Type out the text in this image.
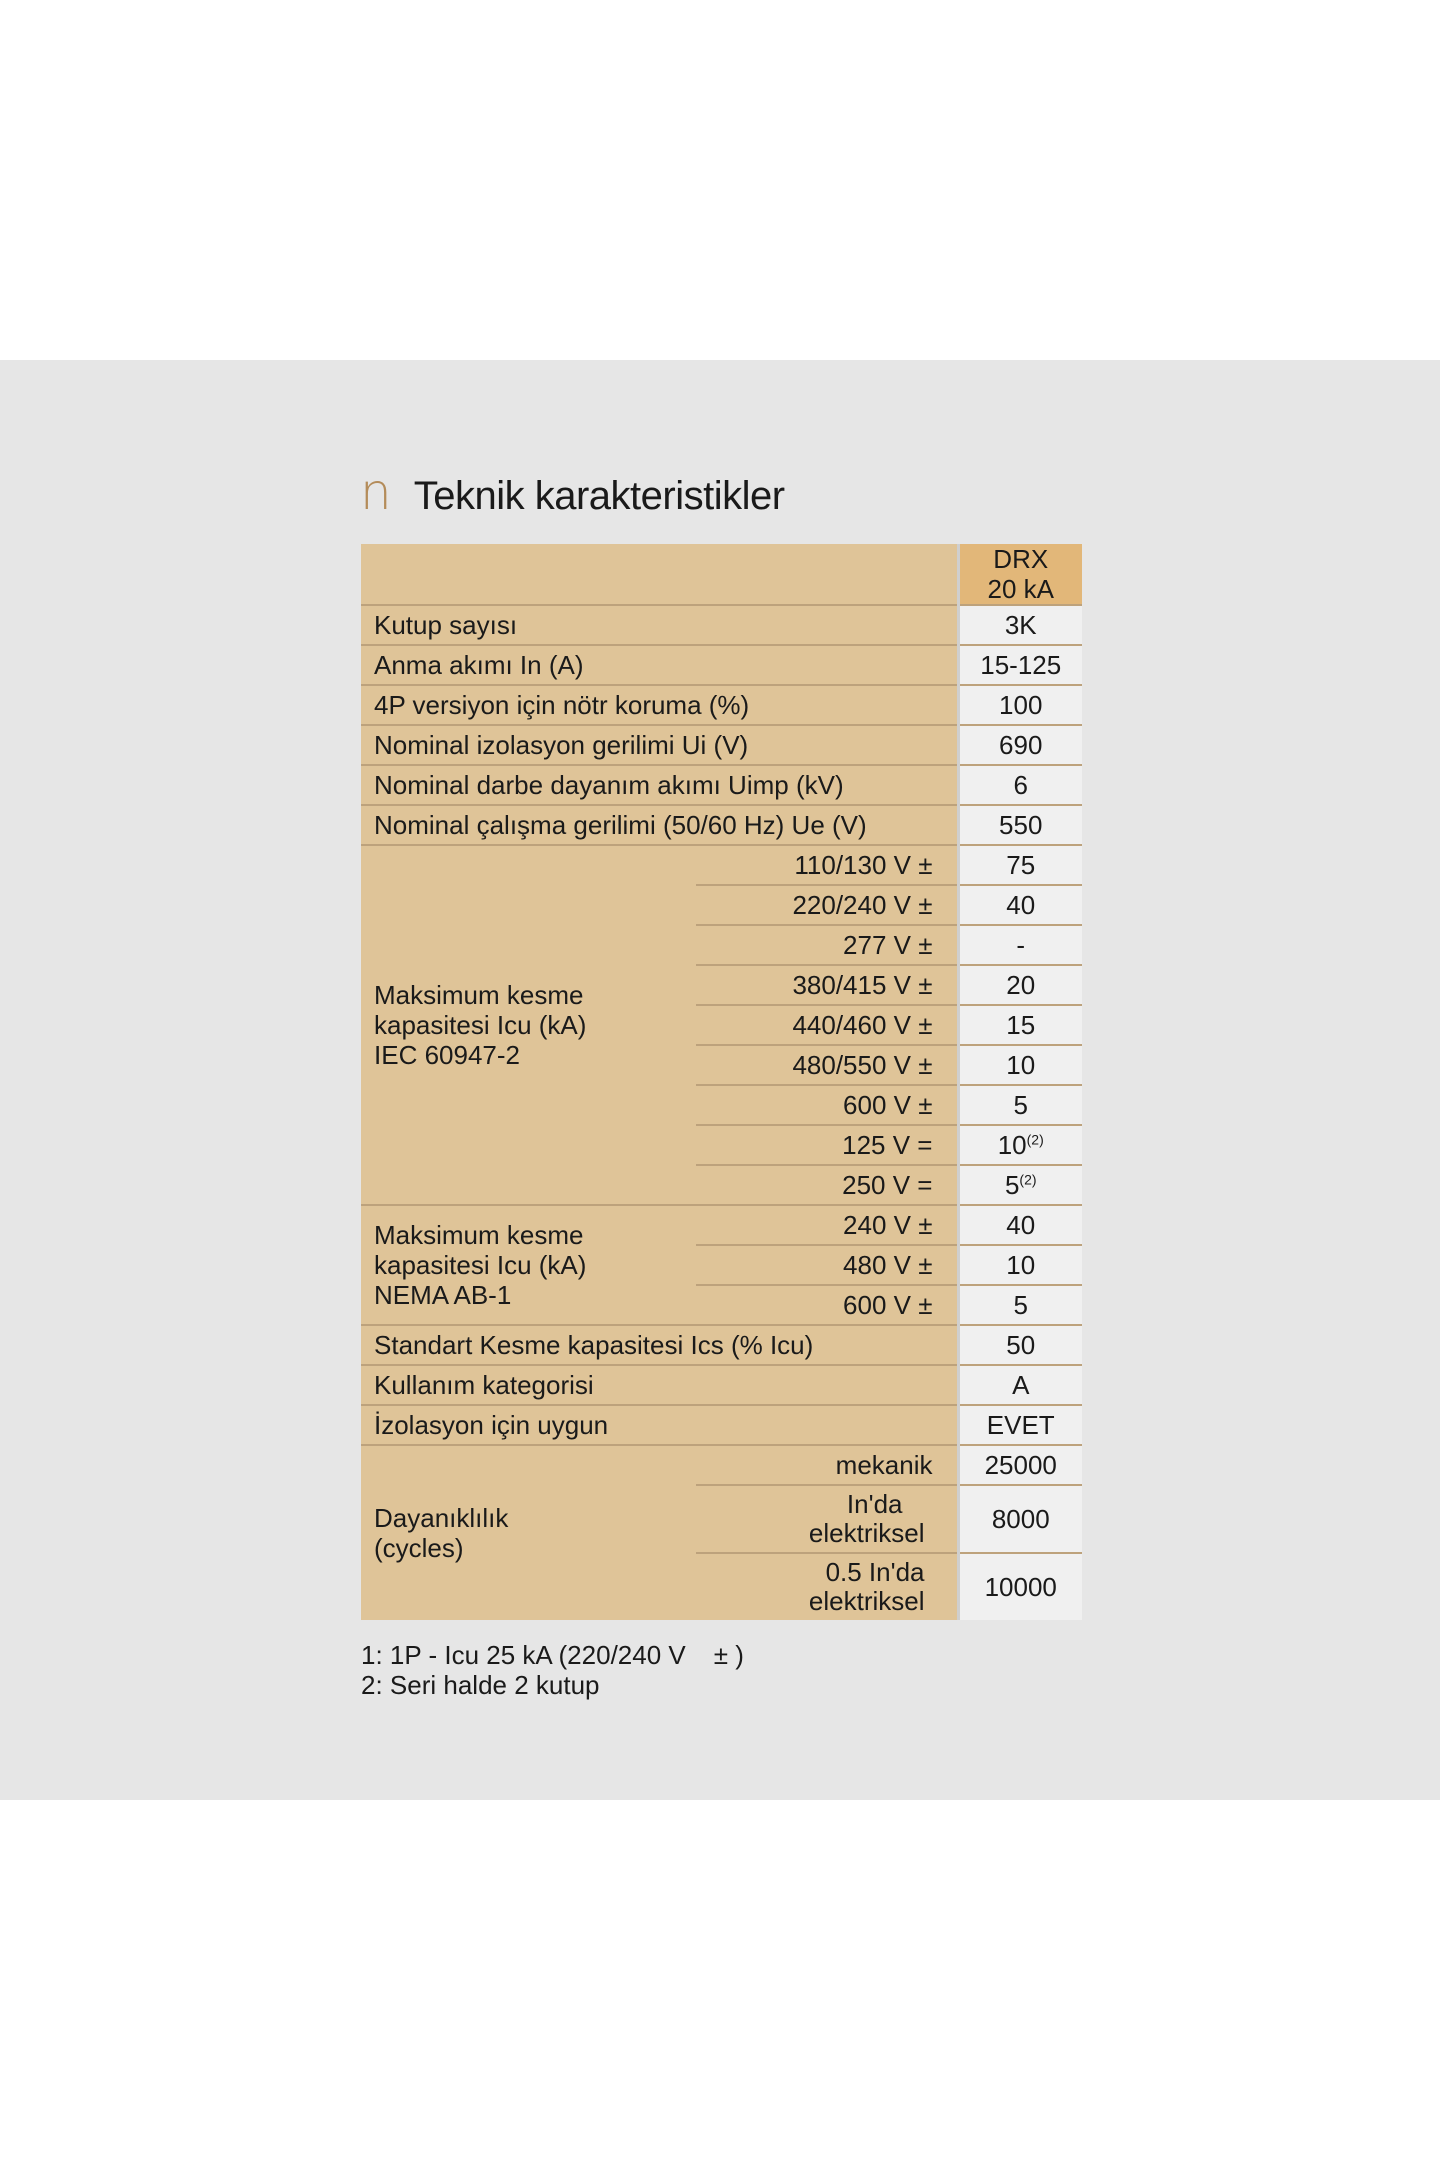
n Teknik karakteristikler

		DRX
20 kA

Kutup sayısı		3K
Anma akımı In (A)		15-125
4P versiyon için nötr koruma (%)		100
Nominal izolasyon gerilimi Ui (V)		690
Nominal darbe dayanım akımı Uimp (kV)		6
Nominal çalışma gerilimi (50/60 Hz) Ue (V)		550

Maksimum kesme
kapasitesi Icu (kA)
IEC 60947-2	110/130 V ±	75
	220/240 V ±	40
	277 V ±	-
	380/415 V ±	20
	440/460 V ±	15
	480/550 V ±	10
	600 V ±	5
	125 V =	$10^{(2)}$
	250 V =	$5^{(2)}$

Maksimum kesme
kapasitesi Icu (kA)
NEMA AB-1	240 V ±	40
	480 V ±	10
	600 V ±	5
Standart Kesme kapasitesi Ics (% Icu)		50
Kullanım kategorisi		A
İzolasyon için uygun		EVET

Dayanıklılık
(cycles)	mekanik	25000

	In'da
elektriksel	8000

	0.5 In'da
elektriksel	10000
1: 1P - Icu 25 kA (220/240 V ± )
2: Seri halde 2 kutup
